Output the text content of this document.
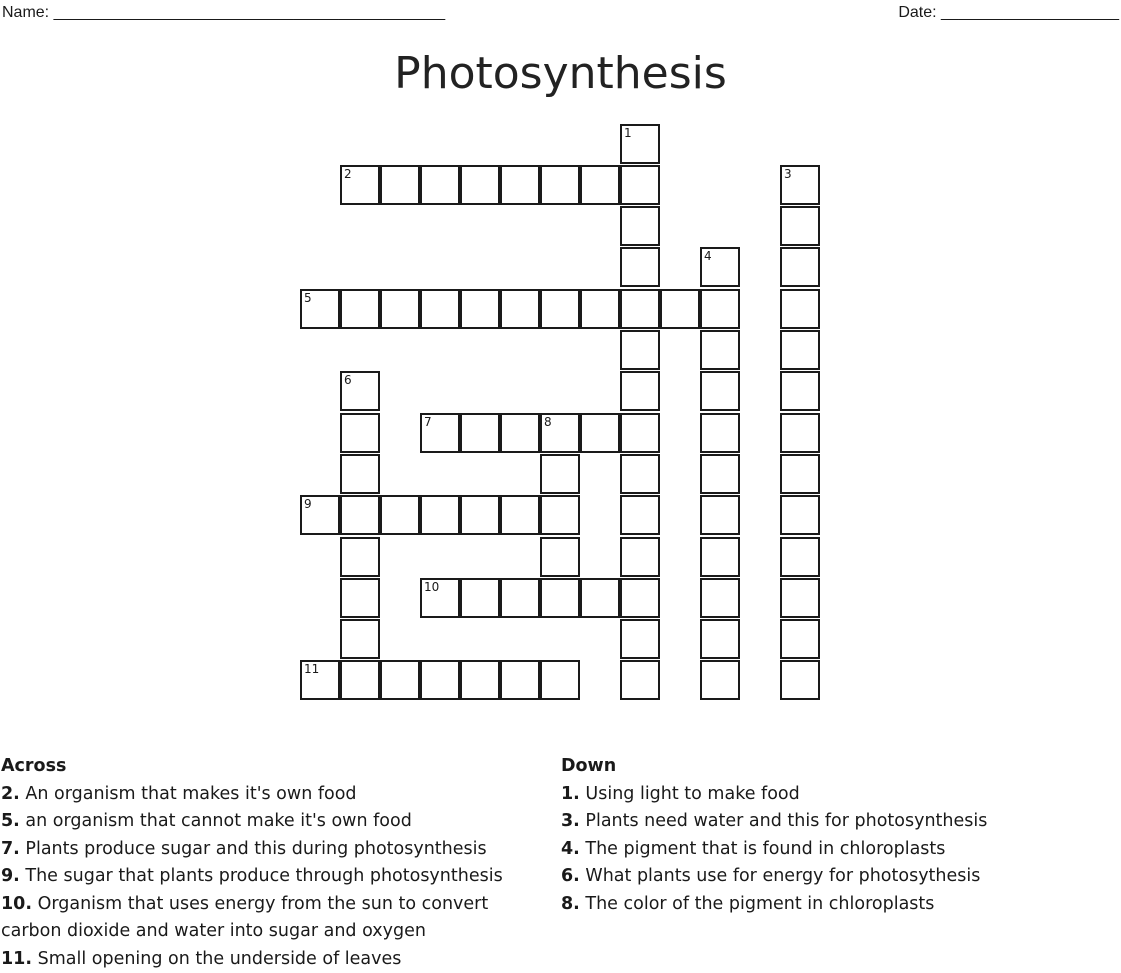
Name: ____________________________________________	Date: ____________________
Photosynthesis
1
2	3
4
5
6
7	8
9
10
11
Across
2. An organism that makes it's own food
5. an organism that cannot make it's own food
7. Plants produce sugar and this during photosynthesis
9. The sugar that plants produce through photosynthesis
10. Organism that uses energy from the sun to convert carbon dioxide and water into sugar and oxygen
11. Small opening on the underside of leaves
Down
1. Using light to make food
3. Plants need water and this for photosynthesis
4. The pigment that is found in chloroplasts
6. What plants use for energy for photosythesis
8. The color of the pigment in chloroplasts
